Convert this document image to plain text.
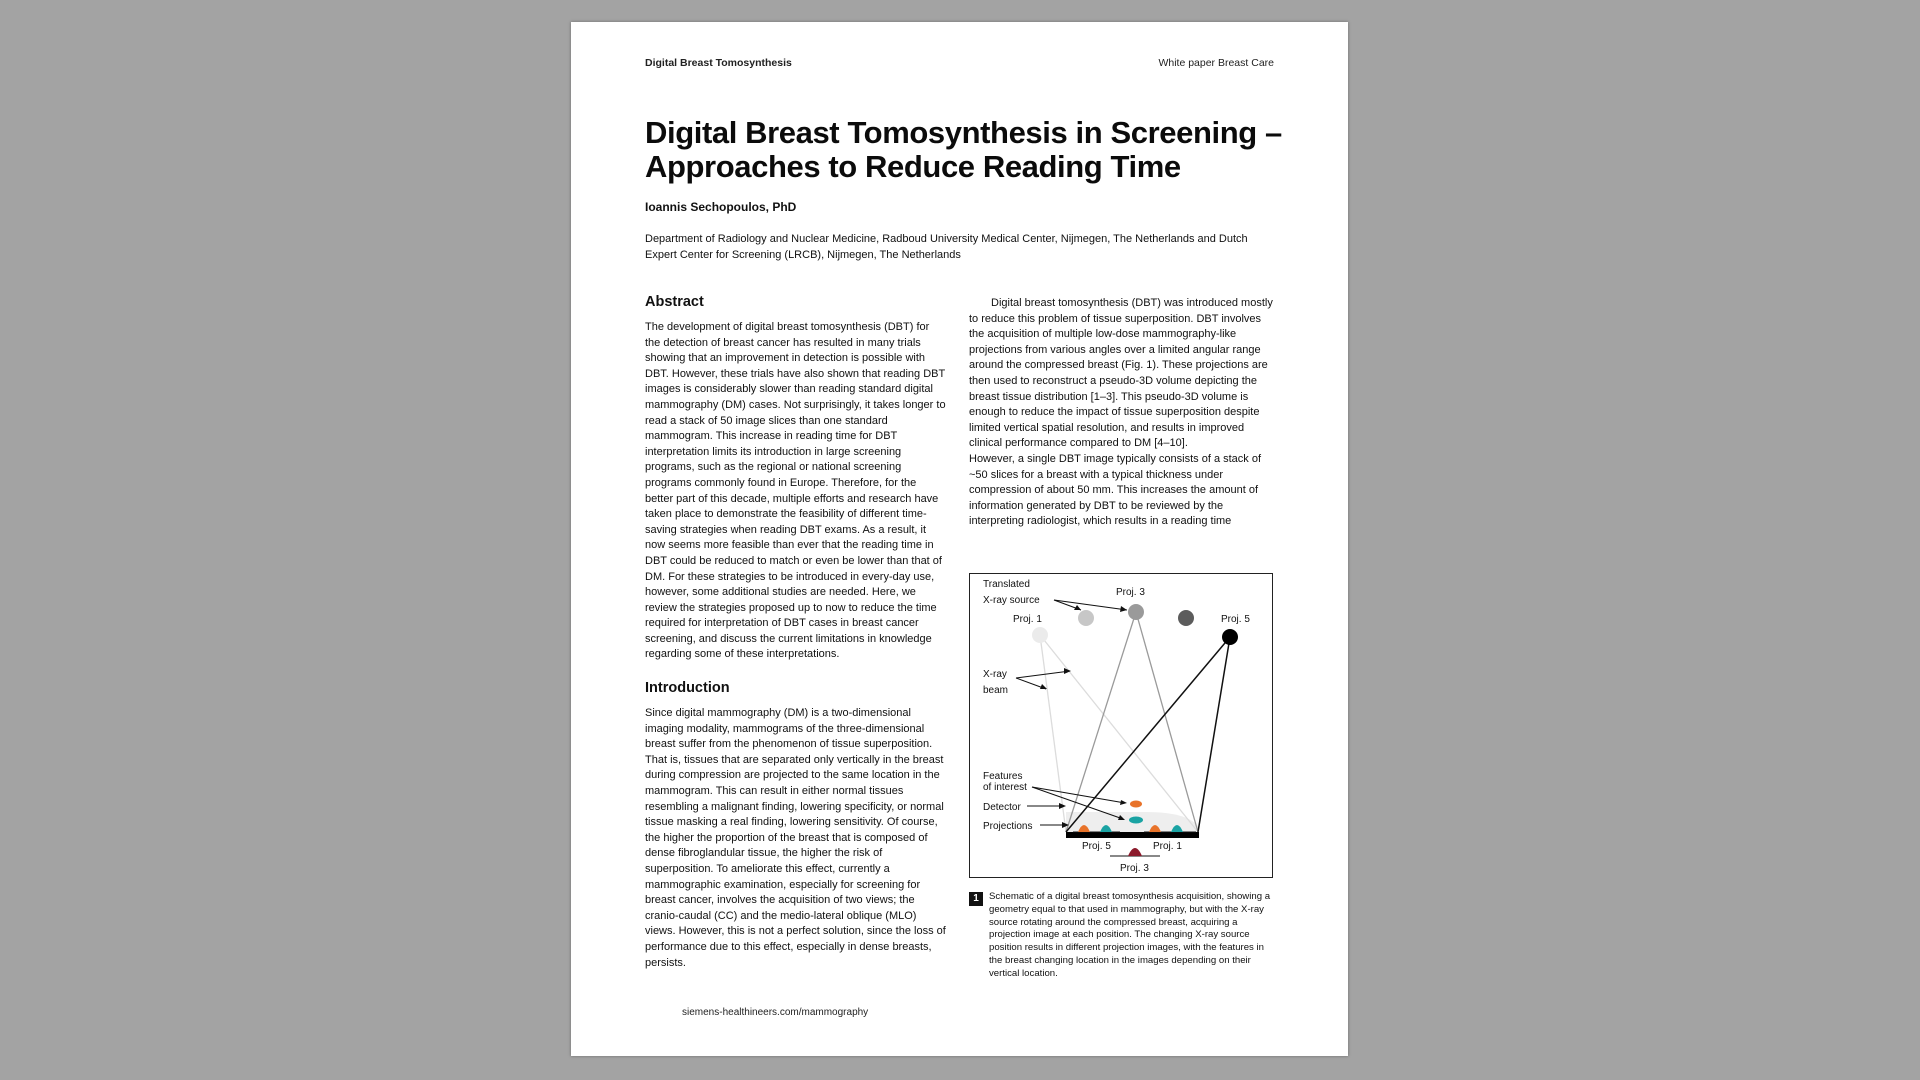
Digital Breast Tomosynthesis	White paper Breast Care
Digital Breast Tomosynthesis in Screening – Approaches to Reduce Reading Time
Ioannis Sechopoulos, PhD
Department of Radiology and Nuclear Medicine, Radboud University Medical Center, Nijmegen, The Netherlands and Dutch Expert Center for Screening (LRCB), Nijmegen, The Netherlands
Abstract

The development of digital breast tomosynthesis (DBT) for the detection of breast cancer has resulted in many trials showing that an improvement in detection is possible with DBT. However, these trials have also shown that reading DBT images is considerably slower than reading standard digital mammography (DM) cases. Not surprisingly, it takes longer to read a stack of 50 image slices than one standard mammogram. This increase in reading time for DBT interpretation limits its introduction in large screening programs, such as the regional or national screening programs commonly found in Europe. Therefore, for the better part of this decade, multiple efforts and research have taken place to demonstrate the feasibility of different time-saving strategies when reading DBT exams. As a result, it now seems more feasible than ever that the reading time in DBT could be reduced to match or even be lower than that of DM. For these strategies to be introduced in every-day use, however, some additional studies are needed. Here, we review the strategies proposed up to now to reduce the time required for interpretation of DBT cases in breast cancer screening, and discuss the current limitations in knowledge regarding some of these interpretations.

Introduction

Since digital mammography (DM) is a two-dimensional imaging modality, mammograms of the three-dimensional breast suffer from the phenomenon of tissue superposition. That is, tissues that are separated only vertically in the breast during compression are projected to the same location in the mammogram. This can result in either normal tissues resembling a malignant finding, lowering specificity, or normal tissue masking a real finding, lowering sensitivity. Of course, the higher the proportion of the breast that is composed of dense fibroglandular tissue, the higher the risk of superposition. To ameliorate this effect, currently a mammographic examination, especially for screening for breast cancer, involves the acquisition of two views; the cranio-caudal (CC) and the medio-lateral oblique (MLO) views. However, this is not a perfect solution, since the loss of performance due to this effect, especially in dense breasts, persists.

Digital breast tomosynthesis (DBT) was introduced mostly to reduce this problem of tissue superposition. DBT involves the acquisition of multiple low-dose mammography-like projections from various angles over a limited angular range around the compressed breast (Fig. 1). These projections are then used to reconstruct a pseudo-3D volume depicting the breast tissue distribution [1–3]. This pseudo-3D volume is enough to reduce the impact of tissue superposition despite limited vertical spatial resolution, and results in improved clinical performance compared to DM [4–10].

However, a single DBT image typically consists of a stack of ~50 slices for a breast with a typical thickness under compression of about 50 mm. This increases the amount of information generated by DBT to be reviewed by the interpreting radiologist, which results in a reading time

Translated
X-ray source
Proj. 3
Proj. 1	Proj. 5
X-ray
beam
Features
of interest
Detector
Projections
Proj. 5	Proj. 1
Proj. 3
1	Schematic of a digital breast tomosynthesis acquisition, showing a geometry equal to that used in mammography, but with the X-ray source rotating around the compressed breast, acquiring a projection image at each position. The changing X-ray source position results in different projection images, with the features in the breast changing location in the images depending on their vertical location.
siemens-healthineers.com/mammography
